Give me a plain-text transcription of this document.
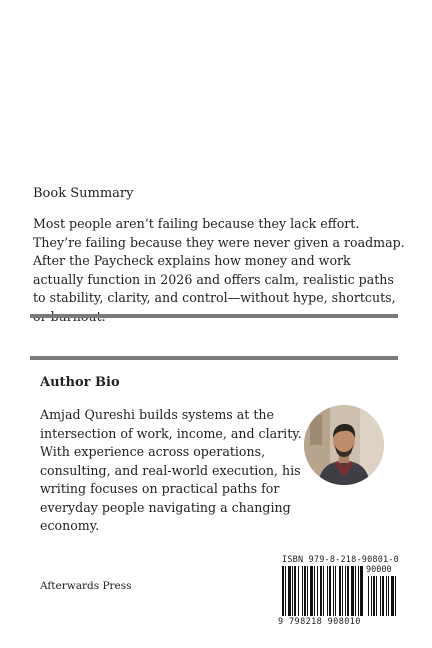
Book Summary

Most people aren’t failing because they lack effort. They’re failing because they were never given a roadmap. After the Paycheck explains how money and work actually function in 2026 and offers calm, realistic paths to stability, clarity, and control—without hype, shortcuts,

Author Bio

Amjad Qureshi builds systems at the intersection of work, income, and clarity. With experience across operations, consulting, and real-world execution, his writing focuses on practical paths for everyday people navigating a changing economy.

Afterwards Press

ISBN 979-8-218-90801-0
90000
9 798218 908010
